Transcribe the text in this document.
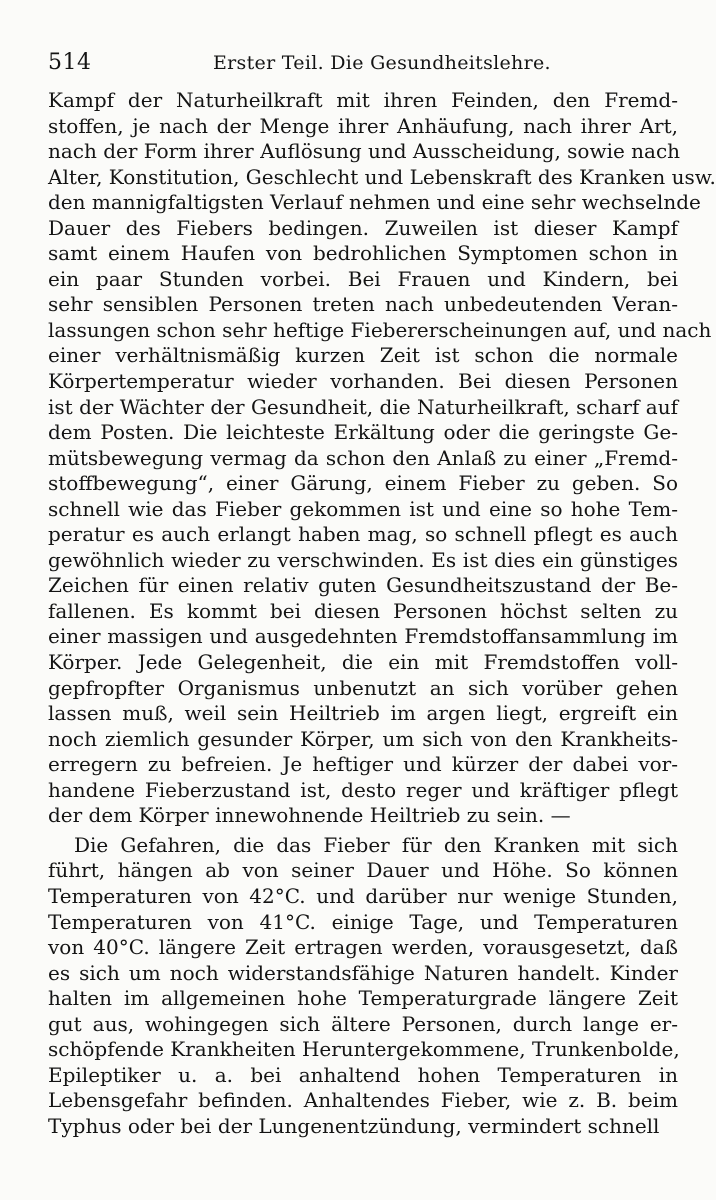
514	Erster Teil. Die Gesundheitslehre.
Kampf der Naturheilkraft mit ihren Feinden, den Fremd-
stoffen, je nach der Menge ihrer Anhäufung, nach ihrer Art,
nach der Form ihrer Auflösung und Ausscheidung, sowie nach
Alter, Konstitution, Geschlecht und Lebenskraft des Kranken usw.
den mannigfaltigsten Verlauf nehmen und eine sehr wechselnde
Dauer des Fiebers bedingen. Zuweilen ist dieser Kampf
samt einem Haufen von bedrohlichen Symptomen schon in
ein paar Stunden vorbei. Bei Frauen und Kindern, bei
sehr sensiblen Personen treten nach unbedeutenden Veran-
lassungen schon sehr heftige Fiebererscheinungen auf, und nach
einer verhältnismäßig kurzen Zeit ist schon die normale
Körpertemperatur wieder vorhanden. Bei diesen Personen
ist der Wächter der Gesundheit, die Naturheilkraft, scharf auf
dem Posten. Die leichteste Erkältung oder die geringste Ge-
mütsbewegung vermag da schon den Anlaß zu einer „Fremd-
stoffbewegung“, einer Gärung, einem Fieber zu geben. So
schnell wie das Fieber gekommen ist und eine so hohe Tem-
peratur es auch erlangt haben mag, so schnell pflegt es auch
gewöhnlich wieder zu verschwinden. Es ist dies ein günstiges
Zeichen für einen relativ guten Gesundheitszustand der Be-
fallenen. Es kommt bei diesen Personen höchst selten zu
einer massigen und ausgedehnten Fremdstoffansammlung im
Körper. Jede Gelegenheit, die ein mit Fremdstoffen voll-
gepfropfter Organismus unbenutzt an sich vorüber gehen
lassen muß, weil sein Heiltrieb im argen liegt, ergreift ein
noch ziemlich gesunder Körper, um sich von den Krankheits-
erregern zu befreien. Je heftiger und kürzer der dabei vor-
handene Fieberzustand ist, desto reger und kräftiger pflegt
der dem Körper innewohnende Heiltrieb zu sein. —
Die Gefahren, die das Fieber für den Kranken mit sich
führt, hängen ab von seiner Dauer und Höhe. So können
Temperaturen von 42°C. und darüber nur wenige Stunden,
Temperaturen von 41°C. einige Tage, und Temperaturen
von 40°C. längere Zeit ertragen werden, vorausgesetzt, daß
es sich um noch widerstandsfähige Naturen handelt. Kinder
halten im allgemeinen hohe Temperaturgrade längere Zeit
gut aus, wohingegen sich ältere Personen, durch lange er-
schöpfende Krankheiten Heruntergekommene, Trunkenbolde,
Epileptiker u. a. bei anhaltend hohen Temperaturen in
Lebensgefahr befinden. Anhaltendes Fieber, wie z. B. beim
Typhus oder bei der Lungenentzündung, vermindert schnell
